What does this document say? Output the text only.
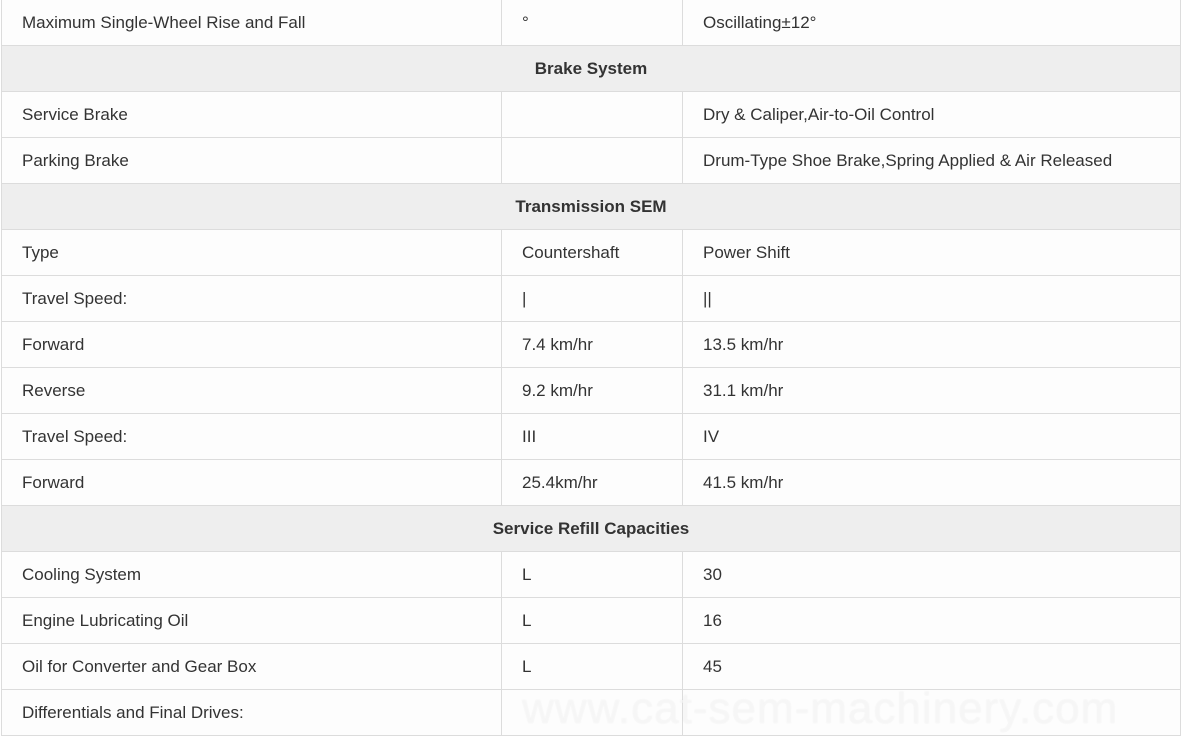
Maximum Single-Wheel Rise and Fall	°	Oscillating±12°
Brake System		
Service Brake		Dry & Caliper,Air-to-Oil Control
Parking Brake		Drum-Type Shoe Brake,Spring Applied & Air Released
Transmission SEM		
Type	Countershaft	Power Shift
Travel Speed:	|	||
Forward	7.4 km/hr	13.5 km/hr
Reverse	9.2 km/hr	31.1 km/hr
Travel Speed:	III	IV
Forward	25.4km/hr	41.5 km/hr
Service Refill Capacities		
Cooling System	L	30
Engine Lubricating Oil	L	16
Oil for Converter and Gear Box	L	45
Differentials and Final Drives:			www.cat-sem-machinery.com
